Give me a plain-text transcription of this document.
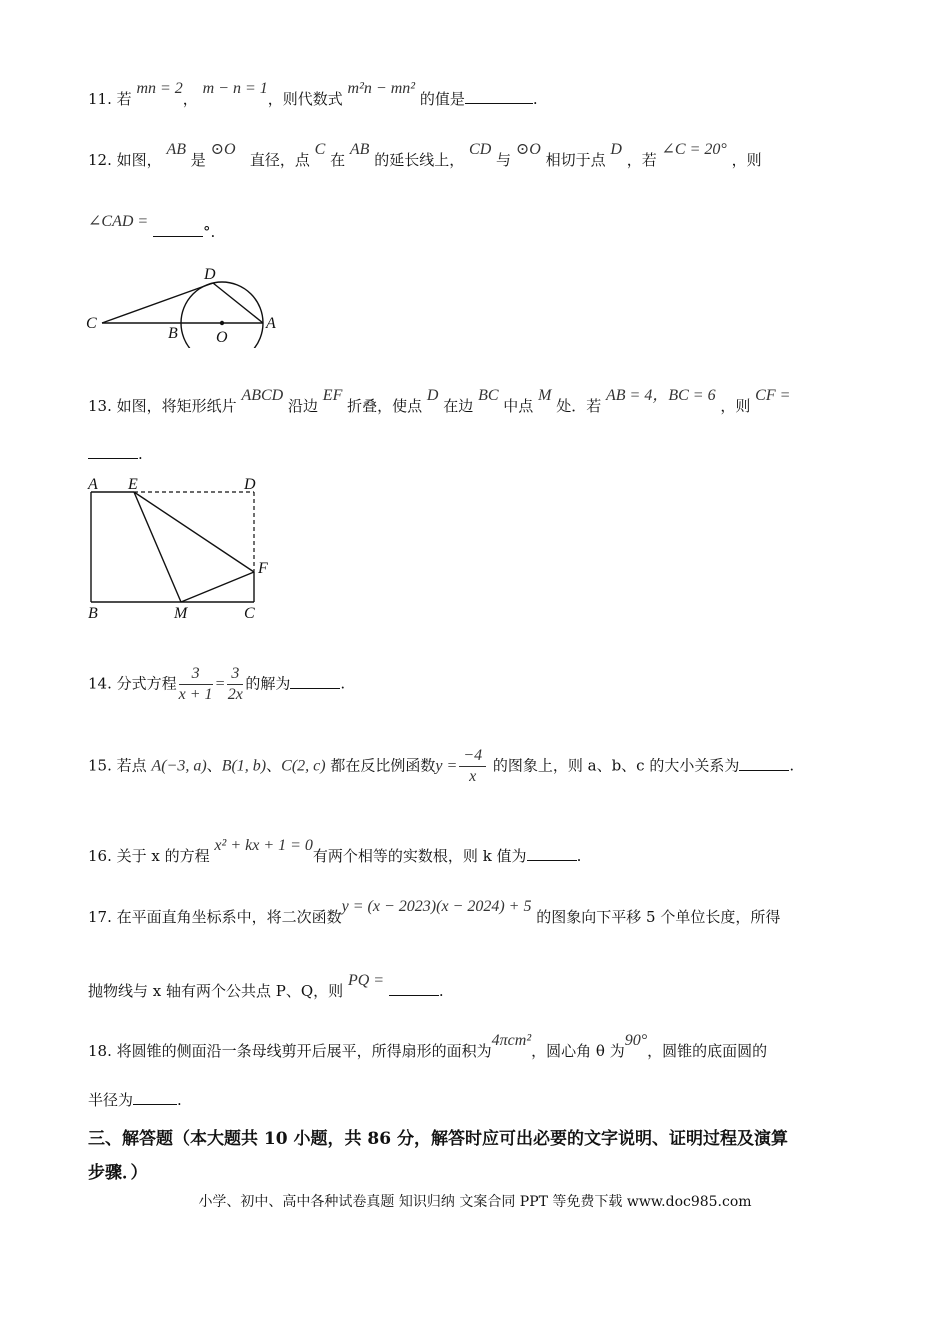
11. 若 mn = 2， m − n = 1，则代数式 m²n − mn² 的值是	.
12. 如图， AB 是 ⊙O   直径，点 C 在 AB 的延长线上， CD 与 ⊙O 相切于点 D ，若 ∠C = 20° ，则
∠CAD = °.
C
D
B O
A
13. 如图，将矩形纸片 ABCD 沿边 EF 折叠，使点 D 在边 BC 中点 M 处．若 AB = 4，BC = 6 ，则 CF =
.
A E	D
F
B	M	C
14. 分式方程 $\frac{3}{x + 1} = \frac{3}{2x}$ 的解为	.
15. 若点 A(−3, a)、B(1, b)、C(2, c) 都在反比例函数$y = \frac{-4}{x}$ 的图象上，则 a、b、c 的大小关系为	.
16. 关于 x 的方程 x² + kx + 1 = 0有两个相等的实数根，则 k 值为	.
17. 在平面直角坐标系中，将二次函数y = (x − 2023)(x − 2024) + 5 的图象向下平移 5 个单位长度，所得
抛物线与 x 轴有两个公共点 P、Q，则 PQ = .
18. 将圆锥的侧面沿一条母线剪开后展平，所得扇形的面积为4πcm²，圆心角 θ 为90°，圆锥的底面圆的
半径为	.
三、解答题（本大题共 10 小题，共 86 分，解答时应可出必要的文字说明、证明过程及演算
步骤．）
小学、初中、高中各种试卷真题 知识归纳 文案合同 PPT 等免费下载 www.doc985.com
